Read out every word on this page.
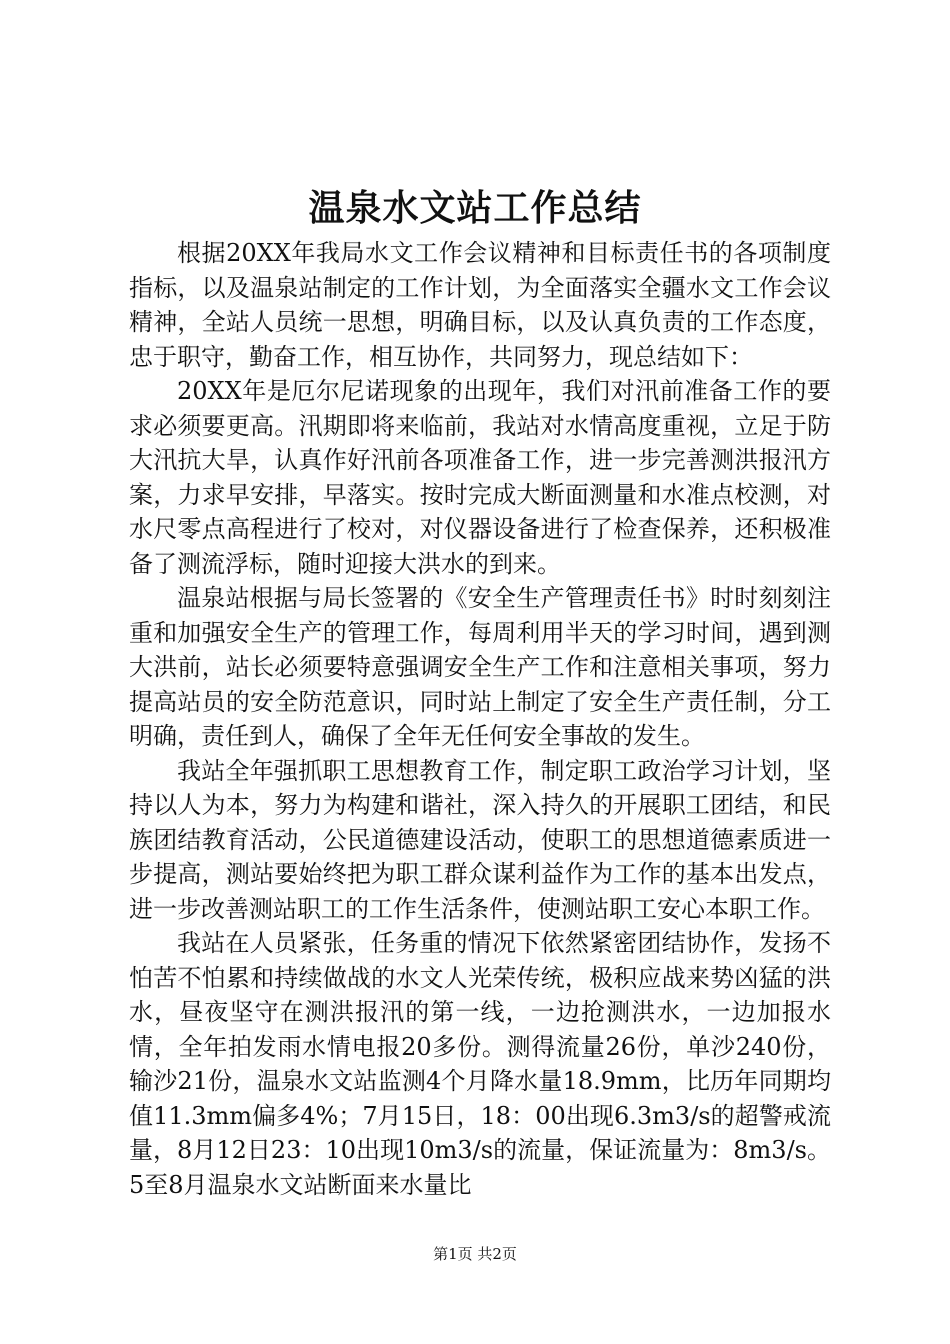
温泉水文站工作总结

根据20XX年我局水文工作会议精神和目标责任书的各项制度指标，以及温泉站制定的工作计划，为全面落实全疆水文工作会议精神，全站人员统一思想，明确目标，以及认真负责的工作态度，忠于职守，勤奋工作，相互协作，共同努力，现总结如下：

20XX年是厄尔尼诺现象的出现年，我们对汛前准备工作的要求必须要更高。汛期即将来临前，我站对水情高度重视，立足于防大汛抗大旱，认真作好汛前各项准备工作，进一步完善测洪报汛方案，力求早安排，早落实。按时完成大断面测量和水准点校测，对水尺零点高程进行了校对，对仪器设备进行了检查保养，还积极准备了测流浮标，随时迎接大洪水的到来。

温泉站根据与局长签署的《安全生产管理责任书》时时刻刻注重和加强安全生产的管理工作，每周利用半天的学习时间，遇到测大洪前，站长必须要特意强调安全生产工作和注意相关事项，努力提高站员的安全防范意识，同时站上制定了安全生产责任制，分工明确，责任到人，确保了全年无任何安全事故的发生。

我站全年强抓职工思想教育工作，制定职工政治学习计划，坚持以人为本，努力为构建和谐社，深入持久的开展职工团结，和民族团结教育活动，公民道德建设活动，使职工的思想道德素质进一步提高，测站要始终把为职工群众谋利益作为工作的基本出发点，进一步改善测站职工的工作生活条件，使测站职工安心本职工作。

我站在人员紧张，任务重的情况下依然紧密团结协作，发扬不怕苦不怕累和持续做战的水文人光荣传统，极积应战来势凶猛的洪水，昼夜坚守在测洪报汛的第一线，一边抢测洪水，一边加报水情，全年拍发雨水情电报20多份。测得流量26份，单沙240份，输沙21份，温泉水文站监测4个月降水量18.9mm，比历年同期均值11.3mm偏多4%；7月15日，18：00出现6.3m3/s的超警戒流量，8月12日23：10出现10m3/s的流量，保证流量为：8m3/s。5至8月温泉水文站断面来水量比

第1页 共2页
